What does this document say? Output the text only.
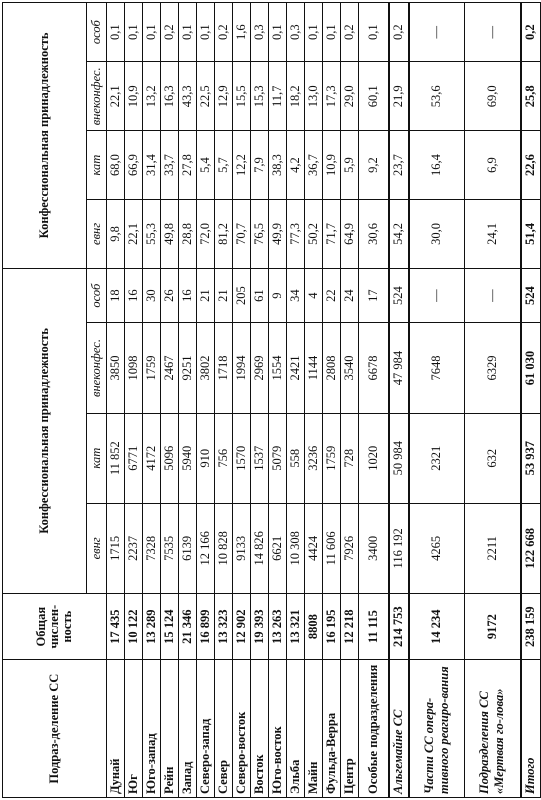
Подраз-деление СС	Общая числен-ность	Конфессиональная принадлежность				Конфессиональная принадлежность			
		евнг	кат	внеконфес.	особ	евнг	кат	внеконфес.	особ
Дунай	17 435	1715	11 852	3850	18	9,8	68,0	22,1	0,1
Юг	10 122	2237	6771	1098	16	22,1	66,9	10,9	0,1
Юго-запад	13 289	7328	4172	1759	30	55,3	31,4	13,2	0,1
Рейн	15 124	7535	5096	2467	26	49,8	33,7	16,3	0,2
Запад	21 346	6139	5940	9251	16	28,8	27,8	43,3	0,1
Северо-запад	16 899	12 166	910	3802	21	72,0	5,4	22,5	0,1
Север	13 323	10 828	756	1718	21	81,2	5,7	12,9	0,2
Северо-восток	12 902	9133	1570	1994	205	70,7	12,2	15,5	1,6
Восток	19 393	14 826	1537	2969	61	76,5	7,9	15,3	0,3
Юго-восток	13 263	6621	5079	1554	9	49,9	38,3	11,7	0,1
Эльба	13 321	10 308	558	2421	34	77,3	4,2	18,2	0,3
Майн	8808	4424	3236	1144	4	50,2	36,7	13,0	0,1
Фульда-Верра	16 195	11 606	1759	2808	22	71,7	10,9	17,3	0,1
Центр	12 218	7926	728	3540	24	64,9	5,9	29,0	0,2
Особые подразделения	11 115	3400	1020	6678	17	30,6	9,2	60,1	0,1
Альгемайне СС	214 753	116 192	50 984	47 984	524	54,2	23,7	21,9	0,2
Части СС опера-тивного реагиро-вания	14 234	4265	2321	7648	—	30,0	16,4	53,6	—
Подразделения СС «Мертвая го-лова»	9172	2211	632	6329	—	24,1	6,9	69,0	—
Итого	238 159	122 668	53 937	61 030	524	51,4	22,6	25,8	0,2
